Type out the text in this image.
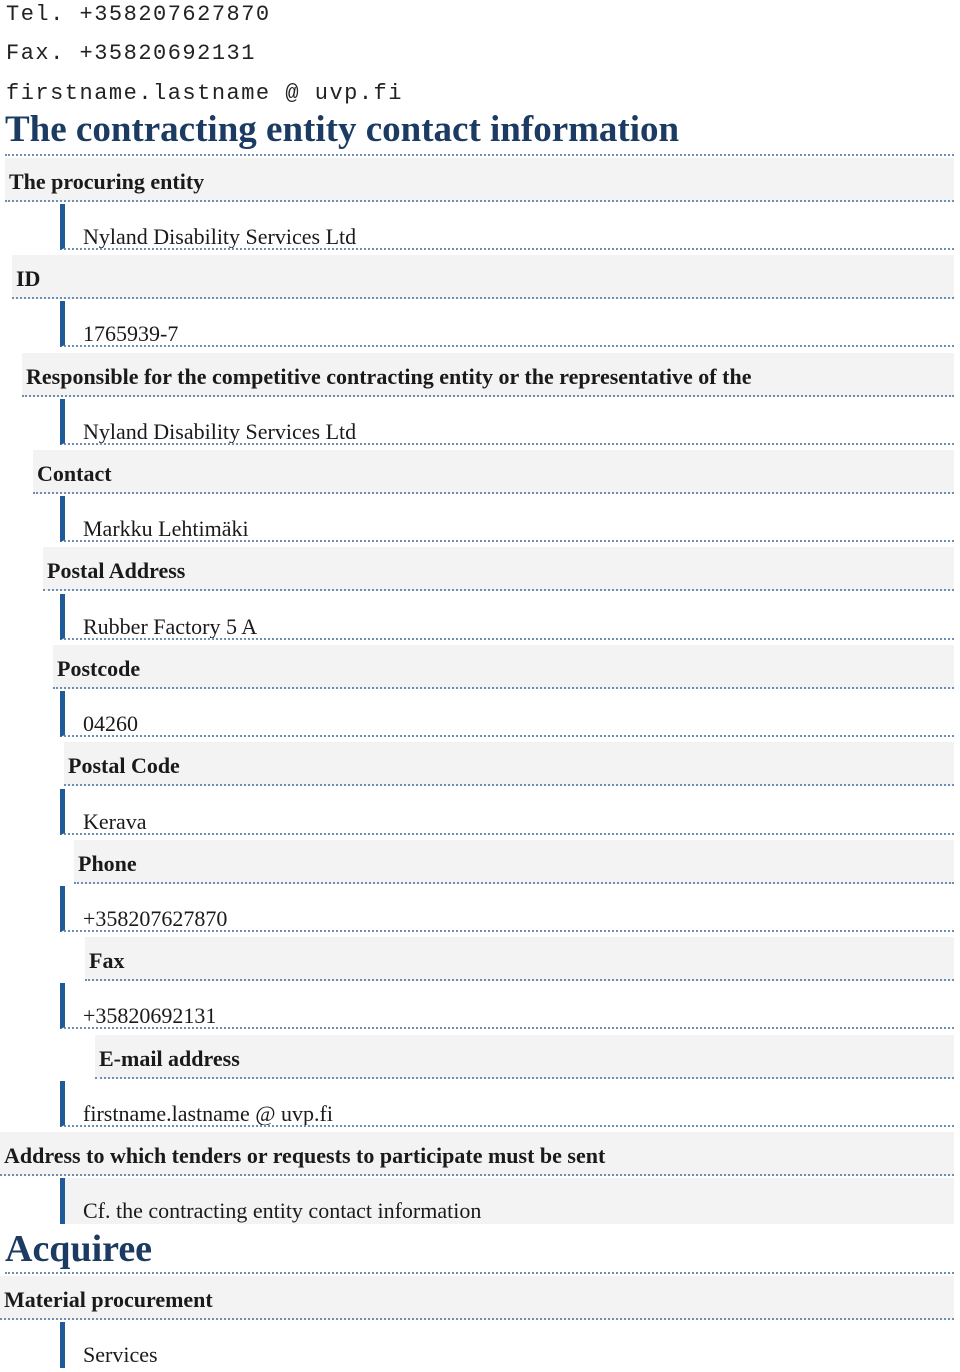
Tel. +358207627870
Fax. +35820692131
firstname.lastname @ uvp.fi
The contracting entity contact information
The procuring entity
Nyland Disability Services Ltd
ID
1765939-7
Responsible for the competitive contracting entity or the representative of the
Nyland Disability Services Ltd
Contact
Markku Lehtimäki
Postal Address
Rubber Factory 5 A
Postcode
04260
Postal Code
Kerava
Phone
+358207627870
Fax
+35820692131
E-mail address
firstname.lastname @ uvp.fi
Address to which tenders or requests to participate must be sent
Cf. the contracting entity contact information
Acquiree
Material procurement
Services
